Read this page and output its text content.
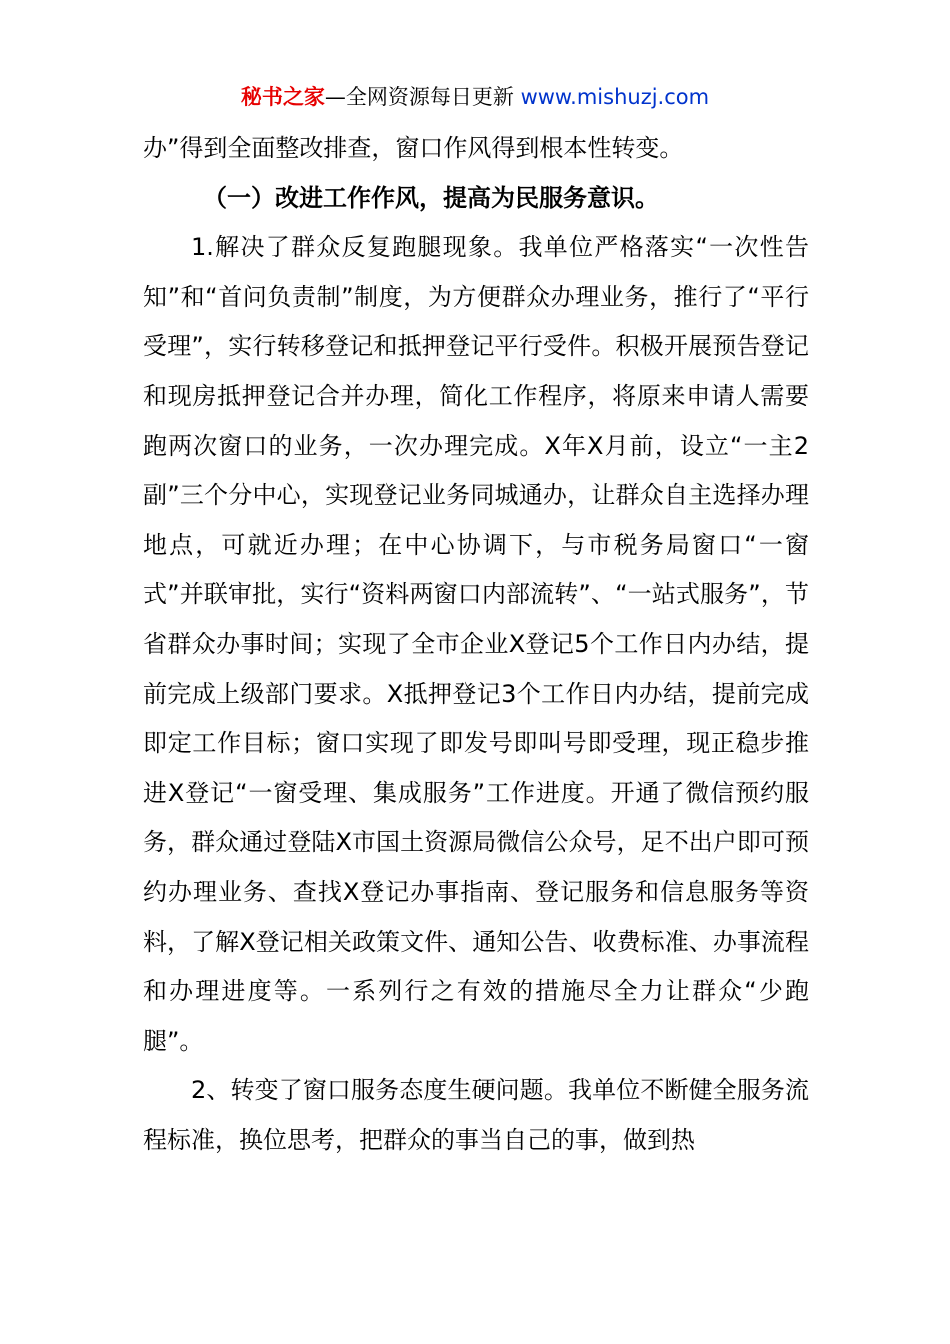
秘书之家—全网资源每日更新 www.mishuzj.com

办”得到全面整改排查，窗口作风得到根本性转变。

（一）改进工作作风，提高为民服务意识。

1.解决了群众反复跑腿现象。我单位严格落实“一次性告知”和“首问负责制”制度，为方便群众办理业务，推行了“平行受理”，实行转移登记和抵押登记平行受件。积极开展预告登记和现房抵押登记合并办理，简化工作程序，将原来申请人需要跑两次窗口的业务，一次办理完成。X年X月前，设立“一主2副”三个分中心，实现登记业务同城通办，让群众自主选择办理地点，可就近办理；在中心协调下，与市税务局窗口“一窗式”并联审批，实行“资料两窗口内部流转”、“一站式服务”，节省群众办事时间；实现了全市企业X登记5个工作日内办结，提前完成上级部门要求。X抵押登记3个工作日内办结，提前完成即定工作目标；窗口实现了即发号即叫号即受理，现正稳步推进X登记“一窗受理、集成服务”工作进度。开通了微信预约服务，群众通过登陆X市国土资源局微信公众号，足不出户即可预约办理业务、查找X登记办事指南、登记服务和信息服务等资料，了解X登记相关政策文件、通知公告、收费标准、办事流程和办理进度等。一系列行之有效的措施尽全力让群众“少跑腿”。

2、转变了窗口服务态度生硬问题。我单位不断健全服务流程标准，换位思考，把群众的事当自己的事，做到热
